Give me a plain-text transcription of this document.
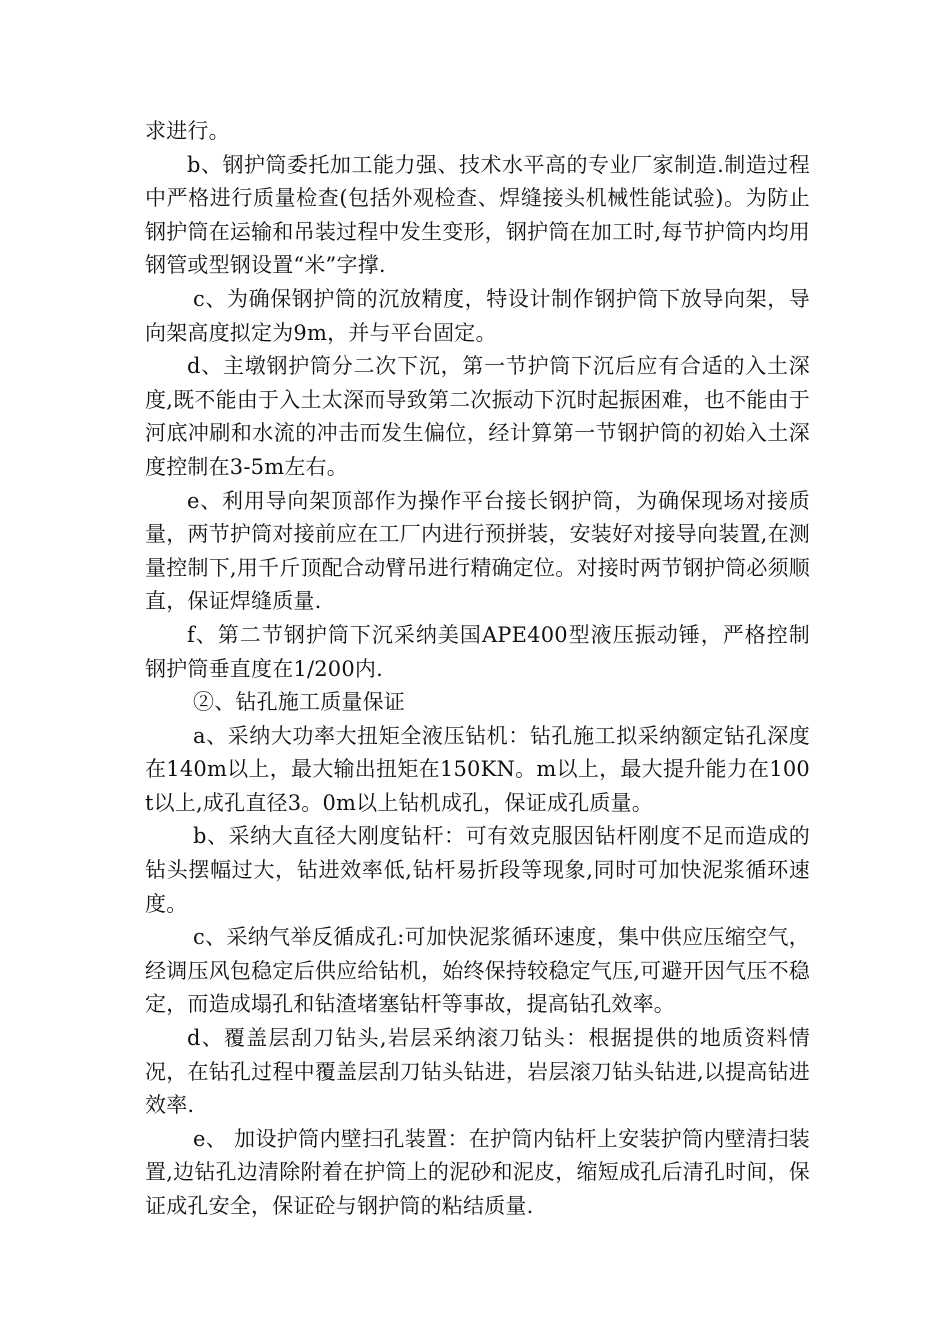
求进行。

b、钢护筒委托加工能力强、技术水平高的专业厂家制造.制造过程中严格进行质量检查(包括外观检查、焊缝接头机械性能试验)。为防止钢护筒在运输和吊装过程中发生变形，钢护筒在加工时,每节护筒内均用钢管或型钢设置“米”字撑.

c、为确保钢护筒的沉放精度，特设计制作钢护筒下放导向架，导向架高度拟定为9m，并与平台固定。

d、主墩钢护筒分二次下沉，第一节护筒下沉后应有合适的入土深度,既不能由于入土太深而导致第二次振动下沉时起振困难，也不能由于河底冲刷和水流的冲击而发生偏位，经计算第一节钢护筒的初始入土深度控制在3-5m左右。

e、利用导向架顶部作为操作平台接长钢护筒，为确保现场对接质量，两节护筒对接前应在工厂内进行预拼装，安装好对接导向装置,在测量控制下,用千斤顶配合动臂吊进行精确定位。对接时两节钢护筒必须顺直，保证焊缝质量.

f、第二节钢护筒下沉采纳美国APE400型液压振动锤，严格控制钢护筒垂直度在1/200内.

②、钻孔施工质量保证

a、采纳大功率大扭矩全液压钻机：钻孔施工拟采纳额定钻孔深度在140m以上，最大输出扭矩在150KN。m以上，最大提升能力在100t以上,成孔直径3。0m以上钻机成孔，保证成孔质量。

b、采纳大直径大刚度钻杆：可有效克服因钻杆刚度不足而造成的钻头摆幅过大，钻进效率低,钻杆易折段等现象,同时可加快泥浆循环速度。

c、采纳气举反循成孔:可加快泥浆循环速度，集中供应压缩空气，经调压风包稳定后供应给钻机，始终保持较稳定气压,可避开因气压不稳定，而造成塌孔和钻渣堵塞钻杆等事故，提高钻孔效率。

d、覆盖层刮刀钻头,岩层采纳滚刀钻头：根据提供的地质资料情况，在钻孔过程中覆盖层刮刀钻头钻进，岩层滚刀钻头钻进,以提高钻进效率.

e、 加设护筒内壁扫孔装置：在护筒内钻杆上安装护筒内壁清扫装置,边钻孔边清除附着在护筒上的泥砂和泥皮，缩短成孔后清孔时间，保证成孔安全，保证砼与钢护筒的粘结质量.
